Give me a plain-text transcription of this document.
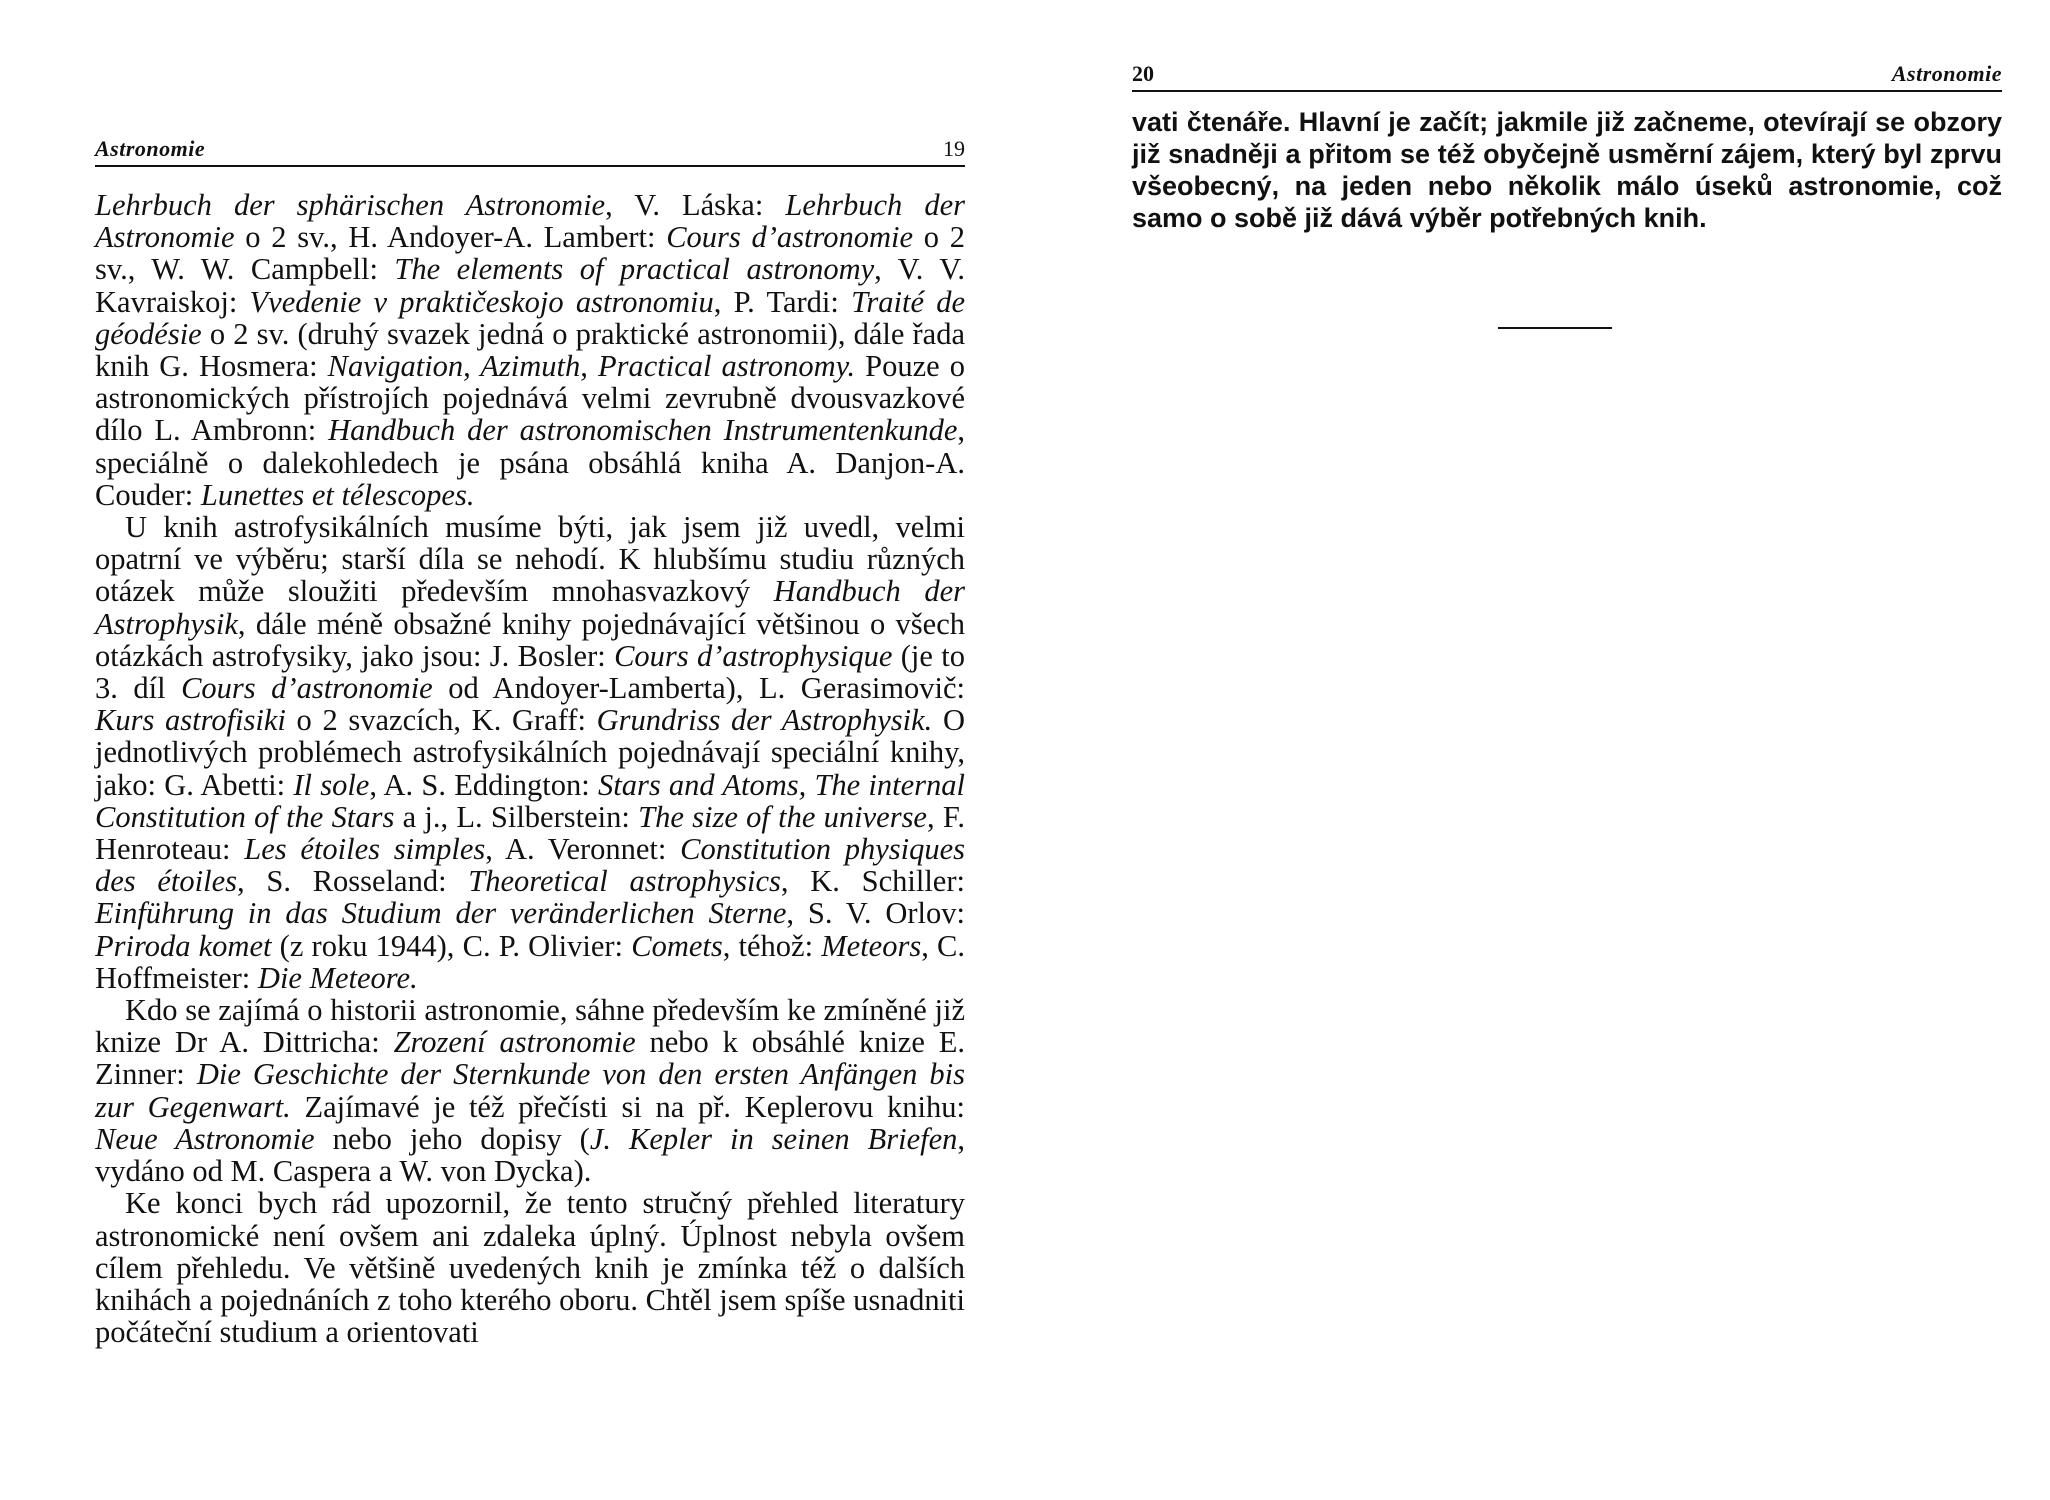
Astronomie	19

Lehrbuch der sphärischen Astronomie, V. Láska: Lehrbuch der Astronomie o 2 sv., H. Andoyer-A. Lambert: Cours d’astronomie o 2 sv., W. W. Campbell: The elements of practical astronomy, V. V. Kavraiskoj: Vvedenie v praktičeskojo astronomiu, P. Tardi: Traité de géodésie o 2 sv. (druhý svazek jedná o praktické astronomii), dále řada knih G. Hosmera: Navigation, Azimuth, Practical astronomy. Pouze o astronomických přístrojích pojednává velmi zevrubně dvousvazkové dílo L. Ambronn: Handbuch der astronomischen Instrumentenkunde, speciálně o dalekohledech je psána obsáhlá kniha A. Danjon-A. Couder: Lunettes et télescopes.

U knih astrofysikálních musíme býti, jak jsem již uvedl, velmi opatrní ve výběru; starší díla se nehodí. K hlubšímu studiu různých otázek může sloužiti především mnohasvazkový Handbuch der Astrophysik, dále méně obsažné knihy pojednávající většinou o všech otázkách astrofysiky, jako jsou: J. Bosler: Cours d’astrophysique (je to 3. díl Cours d’astronomie od Andoyer-Lamberta), L. Gerasimovič: Kurs astrofisiki o 2 svazcích, K. Graff: Grundriss der Astrophysik. O jednotlivých problémech astrofysikálních pojednávají speciální knihy, jako: G. Abetti: Il sole, A. S. Eddington: Stars and Atoms, The internal Constitution of the Stars a j., L. Silberstein: The size of the universe, F. Henroteau: Les étoiles simples, A. Veronnet: Constitution physiques des étoiles, S. Rosseland: Theoretical astrophysics, K. Schiller: Einführung in das Studium der veränderlichen Sterne, S. V. Orlov: Priroda komet (z roku 1944), C. P. Olivier: Comets, téhož: Meteors, C. Hoffmeister: Die Meteore.

Kdo se zajímá o historii astronomie, sáhne především ke zmíněné již knize Dr A. Dittricha: Zrození astronomie nebo k obsáhlé knize E. Zinner: Die Geschichte der Sternkunde von den ersten Anfängen bis zur Gegenwart. Zajímavé je též přečísti si na př. Keplerovu knihu: Neue Astronomie nebo jeho dopisy (J. Kepler in seinen Briefen, vydáno od M. Caspera a W. von Dycka).

Ke konci bych rád upozornil, že tento stručný přehled literatury astronomické není ovšem ani zdaleka úplný. Úplnost nebyla ovšem cílem přehledu. Ve většině uvedených knih je zmínka též o dalších knihách a pojednáních z toho kterého oboru. Chtěl jsem spíše usnadniti počáteční studium a orientovati

20	Astronomie

vati čtenáře. Hlavní je začít; jakmile již začneme, otevírají se obzory již snadněji a přitom se též obyčejně usměrní zájem, který byl zprvu všeobecný, na jeden nebo několik málo úseků astronomie, což samo o sobě již dává výběr potřebných knih.
